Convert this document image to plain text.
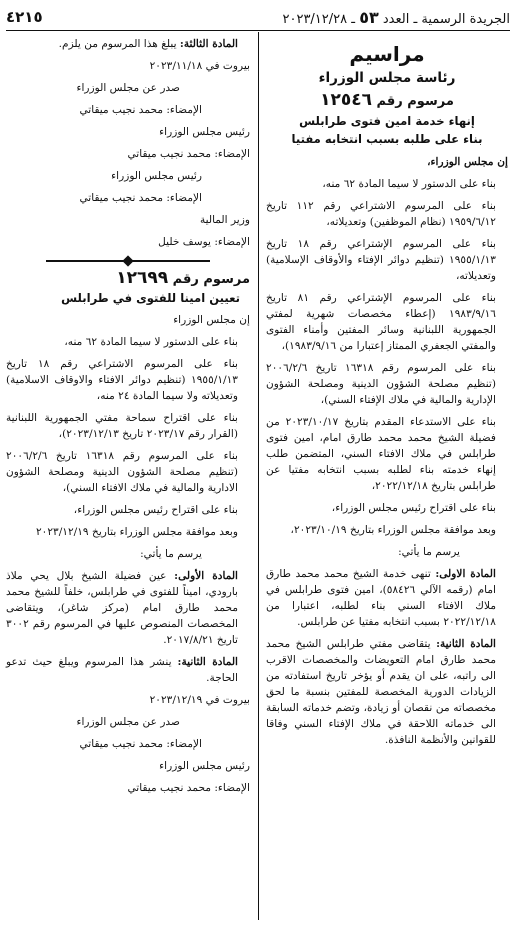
الجريدة الرسمية ـ العدد ٥٣ ـ ٢٠٢٣/١٢/٢٨
٤٢١٥
مراسيم
رئاسة مجلس الوزراء
مرسوم رقم ١٢٥٤٦
إنهاء خدمة امين فتوى طرابلس
بناء على طلبه بسبب انتخابه مفتيا

إن مجلس الوزراء،

بناء على الدستور لا سيما المادة ٦٢ منه،

بناء على المرسوم الاشتراعي رقم ١١٢ تاريخ ١٩٥٩/٦/١٢ (نظام الموظفين) وتعديلاته،

بناء على المرسوم الإشتراعي رقم ١٨ تاريخ ١٩٥٥/١/١٣ (تنظيم دوائر الإفتاء والأوقاف الإسلامية) وتعديلاته،

بناء على المرسوم الإشتراعي رقم ٨١ تاريخ ١٩٨٣/٩/١٦ (إعطاء مخصصات شهرية لمفتي الجمهورية اللبنانية وسائر المفتين وأمناء الفتوى والمفتي الجعفري الممتاز إعتبارا من ١٩٨٣/٩/١٦)،

بناء على المرسوم رقم ١٦٣١٨ تاريخ ٢٠٠٦/٢/٦ (تنظيم مصلحة الشؤون الدينية ومصلحة الشؤون الإدارية والمالية في ملاك الإفتاء السني)،

بناء على الاستدعاء المقدم بتاريخ ٢٠٢٣/١٠/١٧ من فضيلة الشيخ محمد محمد طارق امام، امين فتوى طرابلس في ملاك الافتاء السني، المتضمن طلب إنهاء خدمته بناء لطلبه بسبب انتخابه مفتيا عن طرابلس بتاريخ ٢٠٢٢/١٢/١٨،

بناء على اقتراح رئيس مجلس الوزراء،

وبعد موافقة مجلس الوزراء بتاريخ ٢٠٢٣/١٠/١٩،

يرسم ما يأتي:

المادة الاولى: تنهى خدمة الشيخ محمد محمد طارق امام (رقمه الآلي ٥٨٤٢٦)، امين فتوى طرابلس في ملاك الافتاء السني بناء لطلبه، اعتبارا من ٢٠٢٢/١٢/١٨ بسبب انتخابه مفتيا عن طرابلس.

المادة الثانية: يتقاضى مفتي طرابلس الشيخ محمد محمد طارق امام التعويضات والمخصصات الاقرب الى راتبه، على ان يقدم أو يؤخر تاريخ استفادته من الزيادات الدورية المخصصة للمفتين بنسبة ما لحق مخصصاته من نقصان أو زيادة، وتضم خدماته السابقة الى خدماته اللاحقة في ملاك الإفتاء السني وفاقا للقوانين والأنظمة النافذة.

المادة الثالثة: يبلغ هذا المرسوم من يلزم.

بيروت في ٢٠٢٣/١١/١٨

صدر عن مجلس الوزراء

الإمضاء: محمد نجيب ميقاتي

رئيس مجلس الوزراء

الإمضاء: محمد نجيب ميقاتي

رئيس مجلس الوزراء

الإمضاء: محمد نجيب ميقاتي

وزير المالية

الإمضاء: يوسف خليل

مرسوم رقم ١٢٦٩٩
تعيين امينا للفتوى في طرابلس

إن مجلس الوزراء

بناء على الدستور لا سيما المادة ٦٢ منه،

بناء على المرسوم الاشتراعي رقم ١٨ تاريخ ١٩٥٥/١/١٣ (تنظيم دوائر الافتاء والاوقاف الاسلامية) وتعديلاته ولا سيما المادة ٢٤ منه،

بناء على اقتراح سماحة مفتي الجمهورية اللبنانية (القرار رقم ٢٠٢٣/١٧ تاريخ ٢٠٢٣/١٢/١٣)،

بناء على المرسوم رقم ١٦٣١٨ تاريخ ٢٠٠٦/٢/٦ (تنظيم مصلحة الشؤون الدينية ومصلحة الشؤون الادارية والمالية في ملاك الافتاء السني)،

بناء على اقتراح رئيس مجلس الوزراء،

وبعد موافقة مجلس الوزراء بتاريخ ٢٠٢٣/١٢/١٩

يرسم ما يأتي:

المادة الأولى: عين فضيلة الشيخ بلال يحي ملاذ بارودي، اميناً للفتوى في طرابلس، خلفاً للشيخ محمد محمد طارق امام (مركز شاغر)، ويتقاضى المخصصات المنصوص عليها في المرسوم رقم ٣٠٠٢ تاريخ ٢٠١٧/٨/٢١.

المادة الثانية: ينشر هذا المرسوم ويبلغ حيث تدعو الحاجة.

بيروت في ٢٠٢٣/١٢/١٩

صدر عن مجلس الوزراء

الإمضاء: محمد نجيب ميقاتي

رئيس مجلس الوزراء

الإمضاء: محمد نجيب ميقاتي
